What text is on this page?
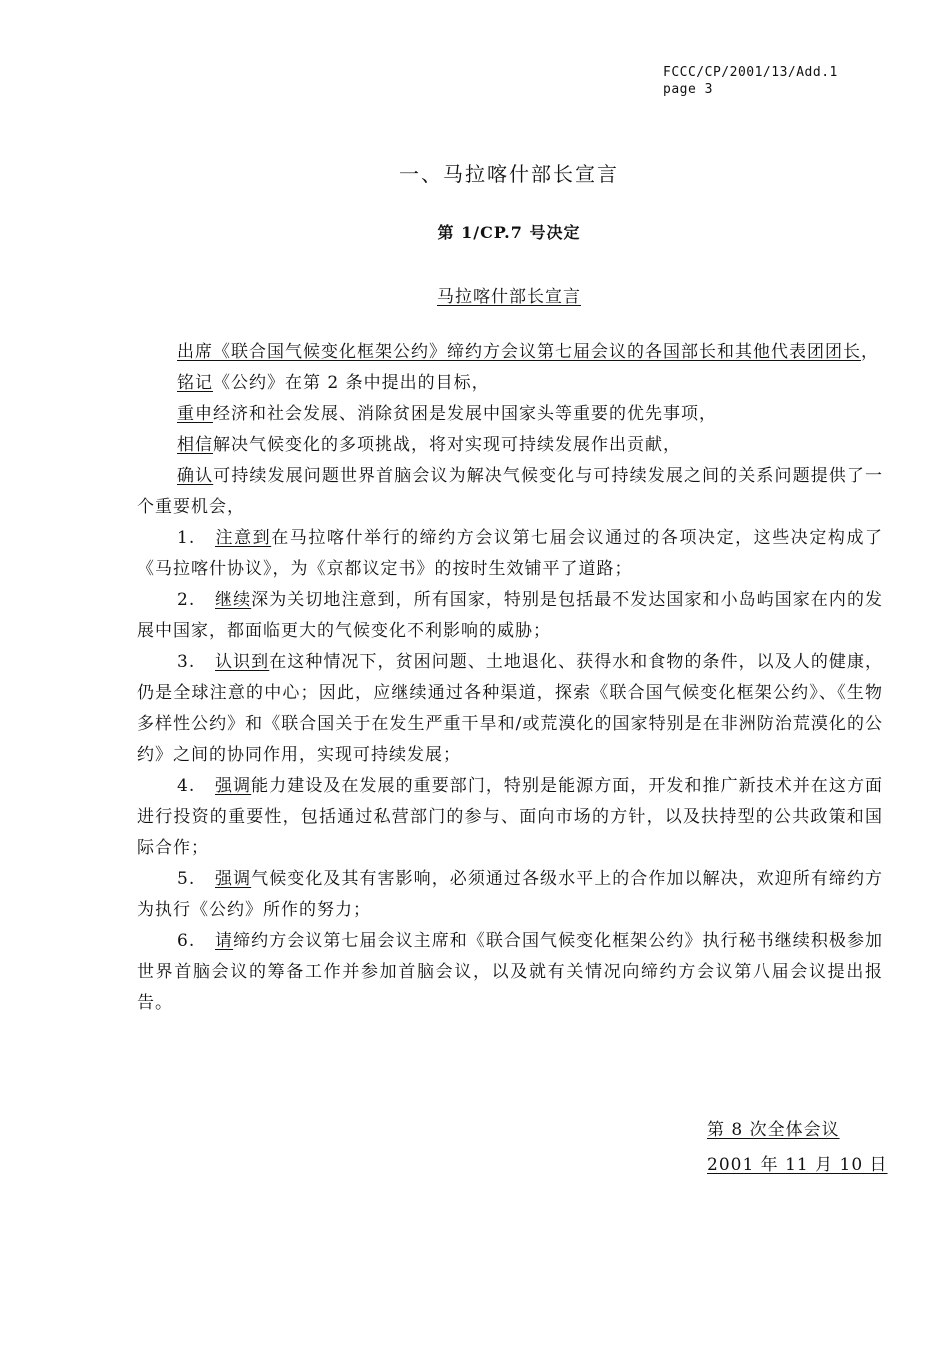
FCCC/CP/2001/13/Add.1
page 3
一、马拉喀什部长宣言
第 1/CP.7 号决定
马拉喀什部长宣言
出席《联合国气候变化框架公约》缔约方会议第七届会议的各国部长和其他代表团团长，
铭记《公约》在第 2 条中提出的目标，
重申经济和社会发展、消除贫困是发展中国家头等重要的优先事项，
相信解决气候变化的多项挑战，将对实现可持续发展作出贡献，
确认可持续发展问题世界首脑会议为解决气候变化与可持续发展之间的关系问题提供了一个重要机会，
1. 注意到在马拉喀什举行的缔约方会议第七届会议通过的各项决定，这些决定构成了《马拉喀什协议》，为《京都议定书》的按时生效铺平了道路；
2. 继续深为关切地注意到，所有国家，特别是包括最不发达国家和小岛屿国家在内的发展中国家，都面临更大的气候变化不利影响的威胁；
3. 认识到在这种情况下，贫困问题、土地退化、获得水和食物的条件，以及人的健康，仍是全球注意的中心；因此，应继续通过各种渠道，探索《联合国气候变化框架公约》、《生物多样性公约》和《联合国关于在发生严重干旱和/或荒漠化的国家特别是在非洲防治荒漠化的公约》之间的协同作用，实现可持续发展；
4. 强调能力建设及在发展的重要部门，特别是能源方面，开发和推广新技术并在这方面进行投资的重要性，包括通过私营部门的参与、面向市场的方针，以及扶持型的公共政策和国际合作；
5. 强调气候变化及其有害影响，必须通过各级水平上的合作加以解决，欢迎所有缔约方为执行《公约》所作的努力；
6. 请缔约方会议第七届会议主席和《联合国气候变化框架公约》执行秘书继续积极参加世界首脑会议的筹备工作并参加首脑会议，以及就有关情况向缔约方会议第八届会议提出报告。
第 8 次全体会议
2001 年 11 月 10 日
